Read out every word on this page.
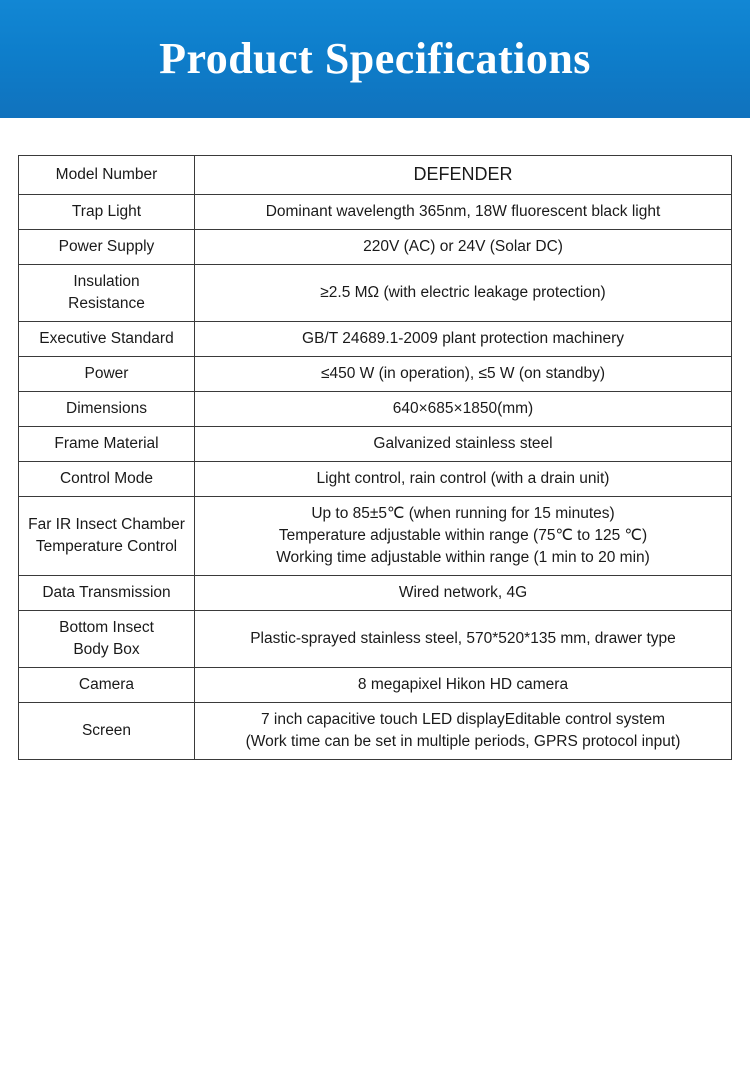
Product Specifications
Model Number	DEFENDER

Trap Light	Dominant wavelength 365nm, 18W fluorescent black light

Power Supply	220V (AC) or 24V (Solar DC)

Insulation
Resistance	≥2.5 MΩ (with electric leakage protection)

Executive Standard	GB/T 24689.1-2009 plant protection machinery

Power	≤450 W (in operation), ≤5 W (on standby)

Dimensions	640×685×1850(mm)

Frame Material	Galvanized stainless steel

Control Mode	Light control, rain control (with a drain unit)

Far IR Insect Chamber
Temperature Control	Up to 85±5℃ (when running for 15 minutes)
Temperature adjustable within range (75℃ to 125 ℃)
Working time adjustable within range (1 min to 20 min)

Data Transmission	Wired network, 4G

Bottom Insect
Body Box	Plastic-sprayed stainless steel, 570*520*135 mm, drawer type

Camera	8 megapixel Hikon HD camera

Screen	7 inch capacitive touch LED displayEditable control system
(Work time can be set in multiple periods, GPRS protocol input)
